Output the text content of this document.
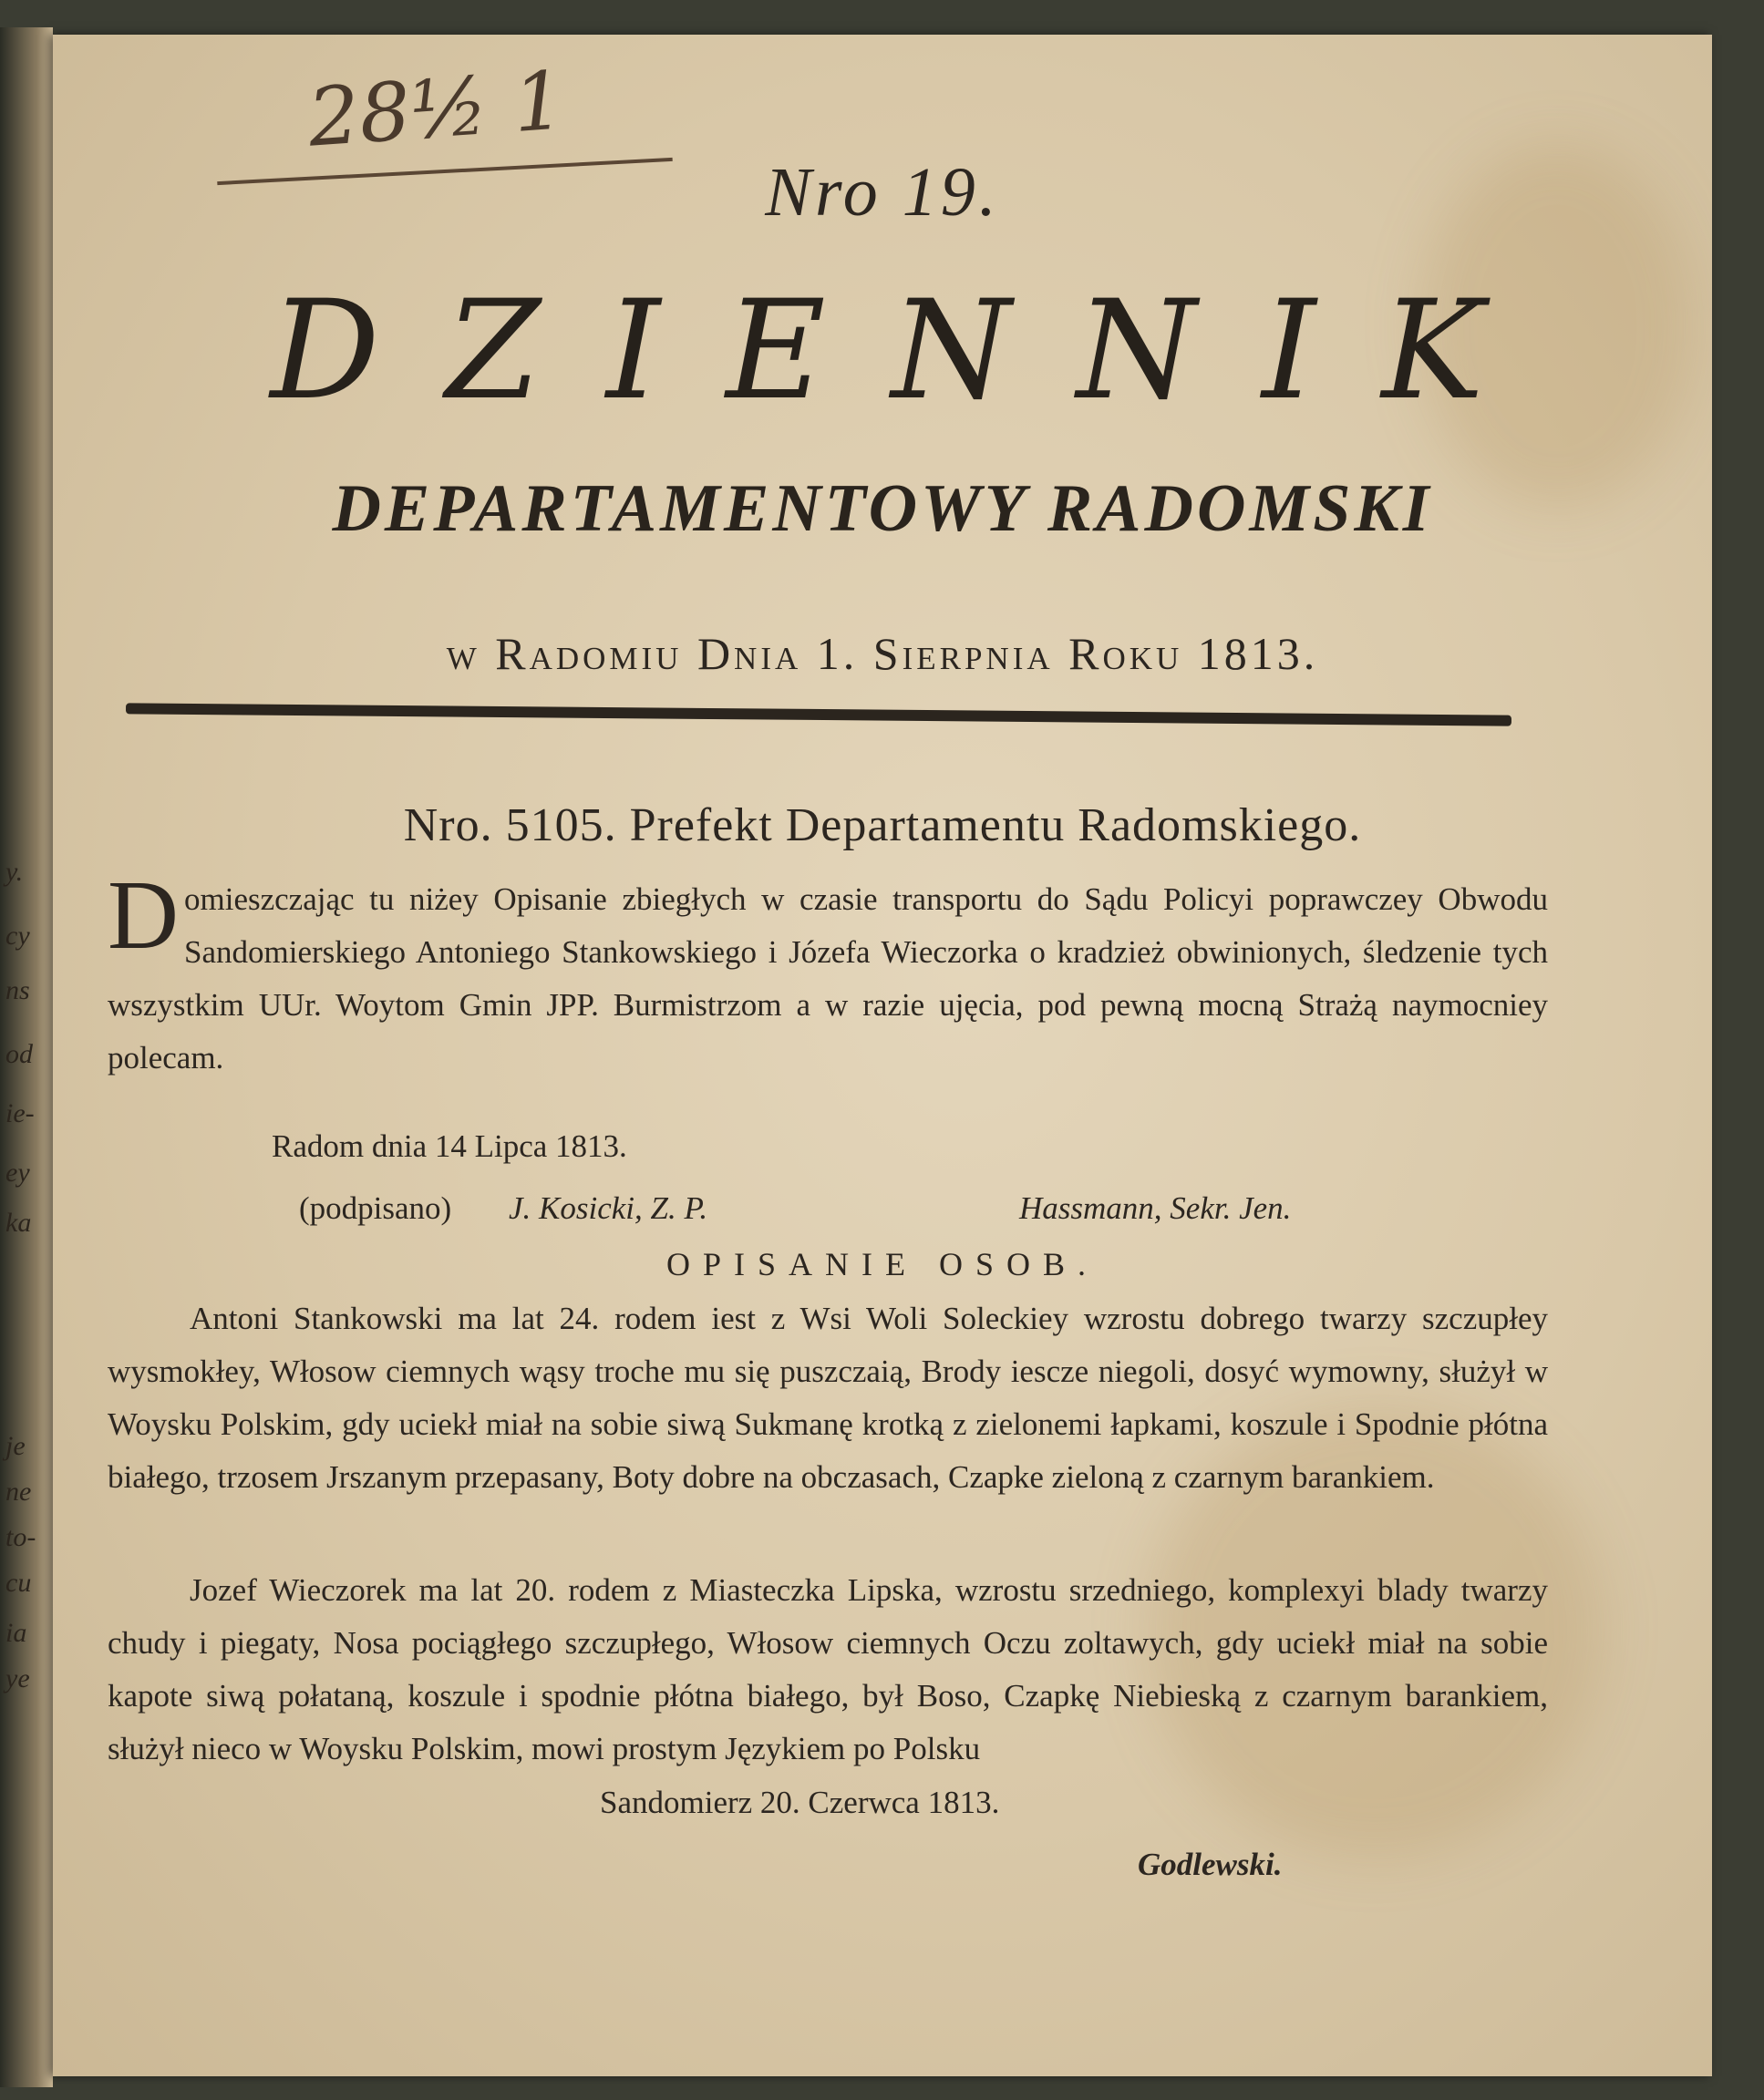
y.
cy
ns
od
ie-
ey
ka
je
ne
to-
cu
ia
ye
28½ 1
Nro 19.
DZIENNIK
DEPARTAMENTOWY RADOMSKI
w Radomiu Dnia 1. Sierpnia Roku 1813.
Nro. 5105. Prefekt Departamentu Radomskiego.
D omieszczając tu niżey Opisanie zbiegłych w czasie transportu do Sądu Policyi poprawczey Obwodu Sandomierskiego Antoniego Stankowskiego i Józefa Wieczorka o kradzież obwinionych, śledzenie tych wszystkim UUr. Woytom Gmin JPP. Burmistrzom a w razie ujęcia, pod pewną mocną Strażą naymocniey polecam.
Radom dnia 14 Lipca 1813.
(podpisano) J. Kosicki, Z. P.	Hassmann, Sekr. Jen.
OPISANIE OSOB.
Antoni Stankowski ma lat 24. rodem iest z Wsi Woli Soleckiey wzrostu dobrego twarzy szczupłey wysmokłey, Włosow ciemnych wąsy troche mu się puszczaią, Brody iescze niegoli, dosyć wymowny, służył w Woysku Polskim, gdy uciekł miał na sobie siwą Sukmanę krotką z zielonemi łapkami, koszule i Spodnie płótna białego, trzosem Jrszanym przepasany, Boty dobre na obczasach, Czapke zieloną z czarnym barankiem.
Jozef Wieczorek ma lat 20. rodem z Miasteczka Lipska, wzrostu srzedniego, komplexyi blady twarzy chudy i piegaty, Nosa pociągłego szczupłego, Włosow ciemnych Oczu zoltawych, gdy uciekł miał na sobie kapote siwą połataną, koszule i spodnie płótna białego, był Boso, Czapkę Niebieską z czarnym barankiem, służył nieco w Woysku Polskim, mowi prostym Językiem po Polsku
Sandomierz 20. Czerwca 1813.
Godlewski.
